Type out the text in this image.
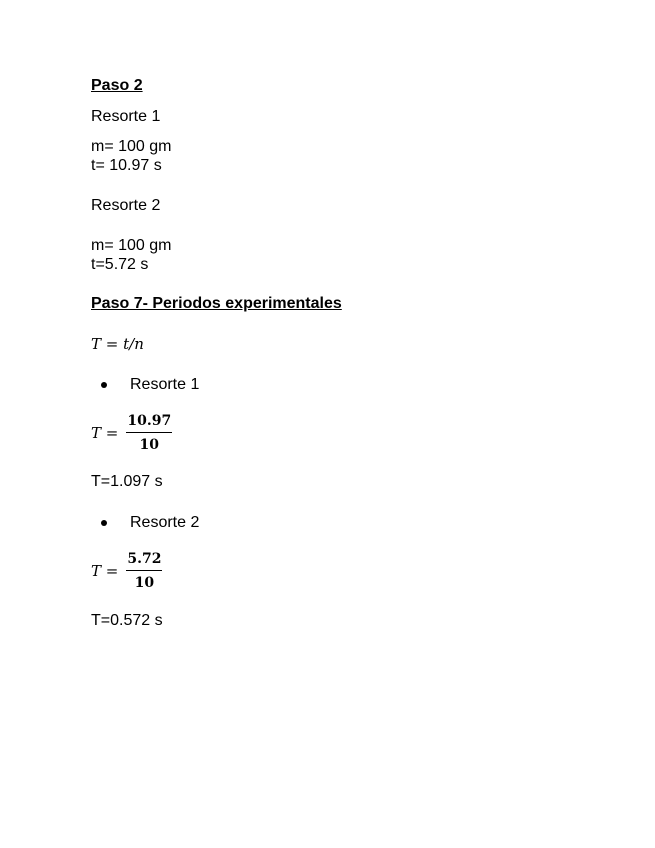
Paso 2
Resorte 1
m= 100 gm
t= 10.97 s
Resorte 2
m= 100 gm
t=5.72 s
Paso 7- Periodos experimentales
T = t/n
Resorte 1
$T = \frac{10.97}{10}$
T=1.097 s
Resorte 2
$T = \frac{5.72}{10}$
T=0.572 s
